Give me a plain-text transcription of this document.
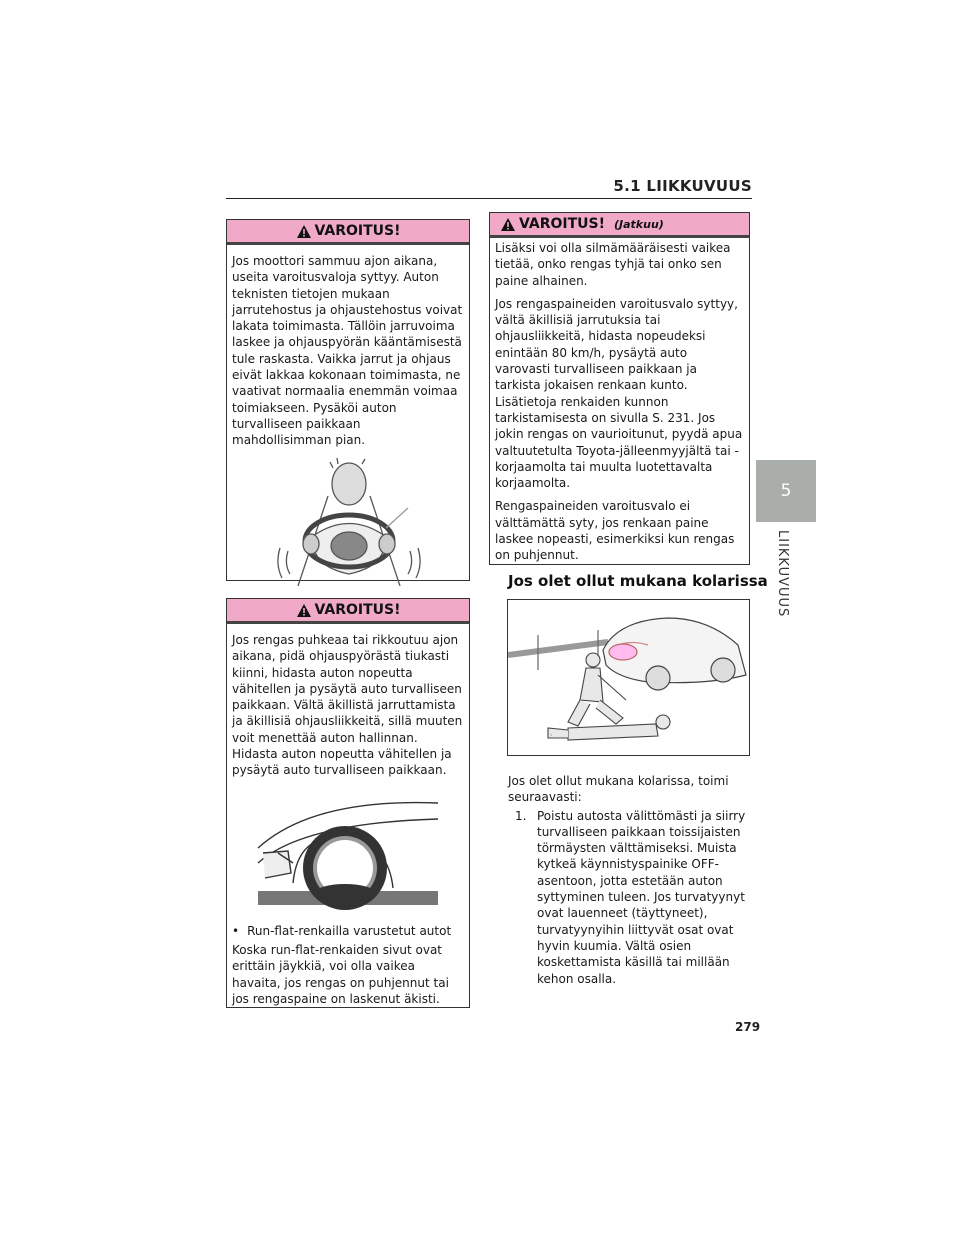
5.1 LIIKKUVUUS
5
LIIKKUVUUS
VAROITUS!

Jos moottori sammuu ajon aikana, useita varoitusvaloja syttyy. Auton teknisten tietojen mukaan jarrutehostus ja ohjaustehostus voivat lakata toimimasta. Tällöin jarruvoima laskee ja ohjauspyörän kääntämisestä tule raskasta. Vaikka jarrut ja ohjaus eivät lakkaa kokonaan toimimasta, ne vaativat normaalia enemmän voimaa toimiakseen. Pysäköi auton turvalliseen paikkaan mahdollisimman pian.

VAROITUS!

Jos rengas puhkeaa tai rikkoutuu ajon aikana, pidä ohjauspyörästä tiukasti kiinni, hidasta auton nopeutta vähitellen ja pysäytä auto turvalliseen paikkaan. Vältä äkillistä jarruttamista ja äkillisiä ohjausliikkeitä, sillä muuten voit menettää auton hallinnan. Hidasta auton nopeutta vähitellen ja pysäytä auto turvalliseen paikkaan.

• Run-flat-renkailla varustetut autot

Koska run-flat-renkaiden sivut ovat erittäin jäykkiä, voi olla vaikea havaita, jos rengas on puhjennut tai jos rengaspaine on laskenut äkisti.

VAROITUS! (Jatkuu)

Lisäksi voi olla silmämääräisesti vaikea tietää, onko rengas tyhjä tai onko sen paine alhainen.

Jos rengaspaineiden varoitusvalo syttyy, vältä äkillisiä jarrutuksia tai ohjausliikkeitä, hidasta nopeudeksi enintään 80 km/h, pysäytä auto varovasti turvalliseen paikkaan ja tarkista jokaisen renkaan kunto. Lisätietoja renkaiden kunnon tarkistamisesta on sivulla S. 231. Jos jokin rengas on vaurioitunut, pyydä apua valtuutetulta Toyota-jälleenmyyjältä tai -korjaamolta tai muulta luotettavalta korjaamolta.

Rengaspaineiden varoitusvalo ei välttämättä syty, jos renkaan paine laskee nopeasti, esimerkiksi kun rengas on puhjennut.

Jos olet ollut mukana kolarissa
·

Jos olet ollut mukana kolarissa, toimi seuraavasti:

1. Poistu autosta välittömästi ja siirry turvalliseen paikkaan toissijaisten törmäysten välttämiseksi. Muista kytkeä käynnistyspainike OFF-asentoon, jotta estetään auton syttyminen tuleen. Jos turvatyynyt ovat lauenneet (täyttyneet), turvatyynyihin liittyvät osat ovat hyvin kuumia. Vältä osien koskettamista käsillä tai millään kehon osalla.
279
